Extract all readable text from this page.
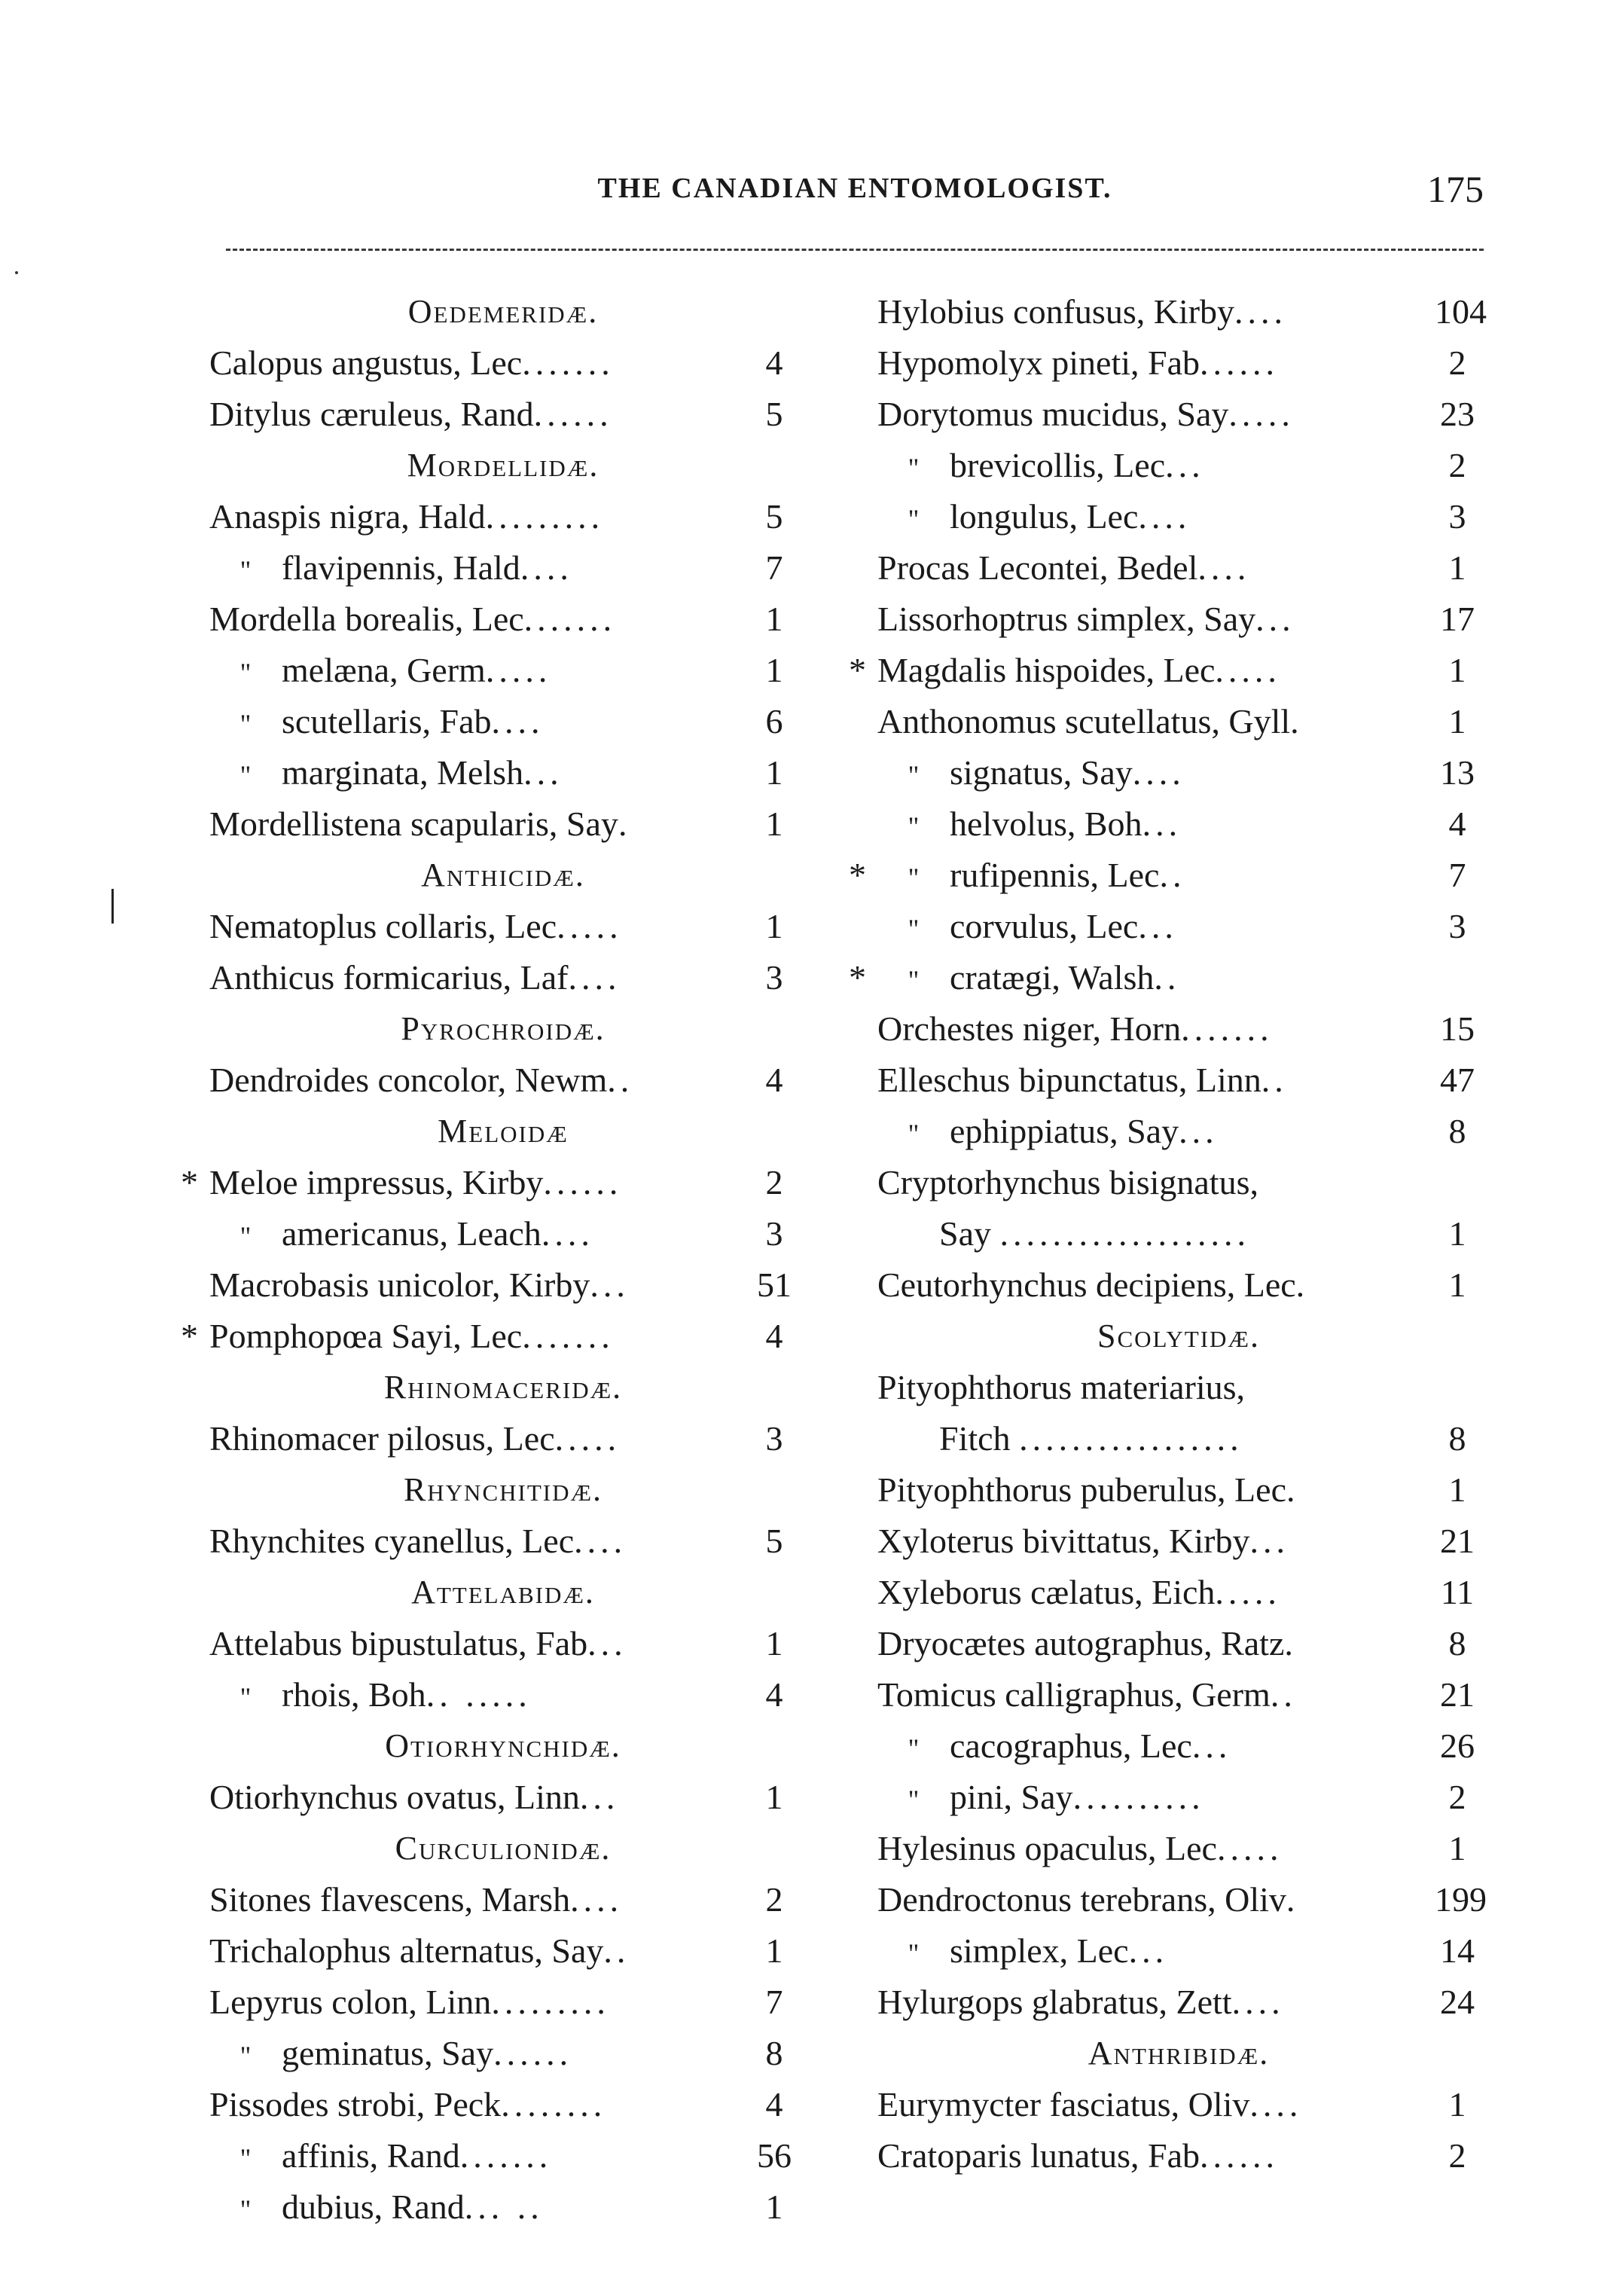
THE CANADIAN ENTOMOLOGIST.	175
Oedemeridæ.
Calopus angustus, Lec.......	4
Ditylus cæruleus, Rand......	5
Mordellidæ.
Anaspis nigra, Hald.........	5
" flavipennis, Hald....	7
Mordella borealis, Lec.......	1
" melæna, Germ.....	1
" scutellaris, Fab....	6
" marginata, Melsh...	1
Mordellistena scapularis, Say.	1
Anthicidæ.
Nematoplus collaris, Lec.....	1
Anthicus formicarius, Laf....	3
Pyrochroidæ.
Dendroides concolor, Newm..	4
Meloidæ
* Meloe impressus, Kirby......	2
" americanus, Leach....	3
Macrobasis unicolor, Kirby...	51
* Pomphopœa Sayi, Lec.......	4
Rhinomaceridæ.
Rhinomacer pilosus, Lec.....	3
Rhynchitidæ.
Rhynchites cyanellus, Lec....	5
Attelabidæ.
Attelabus bipustulatus, Fab...	1
" rhois, Boh.. .....	4
Otiorhynchidæ.
Otiorhynchus ovatus, Linn...	1
Curculionidæ.
Sitones flavescens, Marsh....	2
Trichalophus alternatus, Say..	1
Lepyrus colon, Linn.........	7
" geminatus, Say......	8
Pissodes strobi, Peck........	4
" affinis, Rand.......	56
" dubius, Rand... ..	1
Hylobius confusus, Kirby....	104
Hypomolyx pineti, Fab......	2
Dorytomus mucidus, Say.....	23
" brevicollis, Lec...	2
" longulus, Lec....	3
Procas Lecontei, Bedel....	1
Lissorhoptrus simplex, Say...	17
* Magdalis hispoides, Lec.....	1
Anthonomus scutellatus, Gyll.	1
" signatus, Say....	13
" helvolus, Boh...	4
* " rufipennis, Lec..	7
" corvulus, Lec...	3
* " cratægi, Walsh..
Orchestes niger, Horn.......	15
Elleschus bipunctatus, Linn..	47
" ephippiatus, Say...	8
Cryptorhynchus bisignatus,
Say ...................	1
Ceutorhynchus decipiens, Lec.	1
Scolytidæ.
Pityophthorus materiarius,
Fitch .................	8
Pityophthorus puberulus, Lec.	1
Xyloterus bivittatus, Kirby...	21
Xyleborus cælatus, Eich.....	11
Dryocætes autographus, Ratz.	8
Tomicus calligraphus, Germ..	21
" cacographus, Lec...	26
" pini, Say..........	2
Hylesinus opaculus, Lec.....	1
Dendroctonus terebrans, Oliv.	199
" simplex, Lec...	14
Hylurgops glabratus, Zett....	24
Anthribidæ.
Eurymycter fasciatus, Oliv....	1
Cratoparis lunatus, Fab......	2
